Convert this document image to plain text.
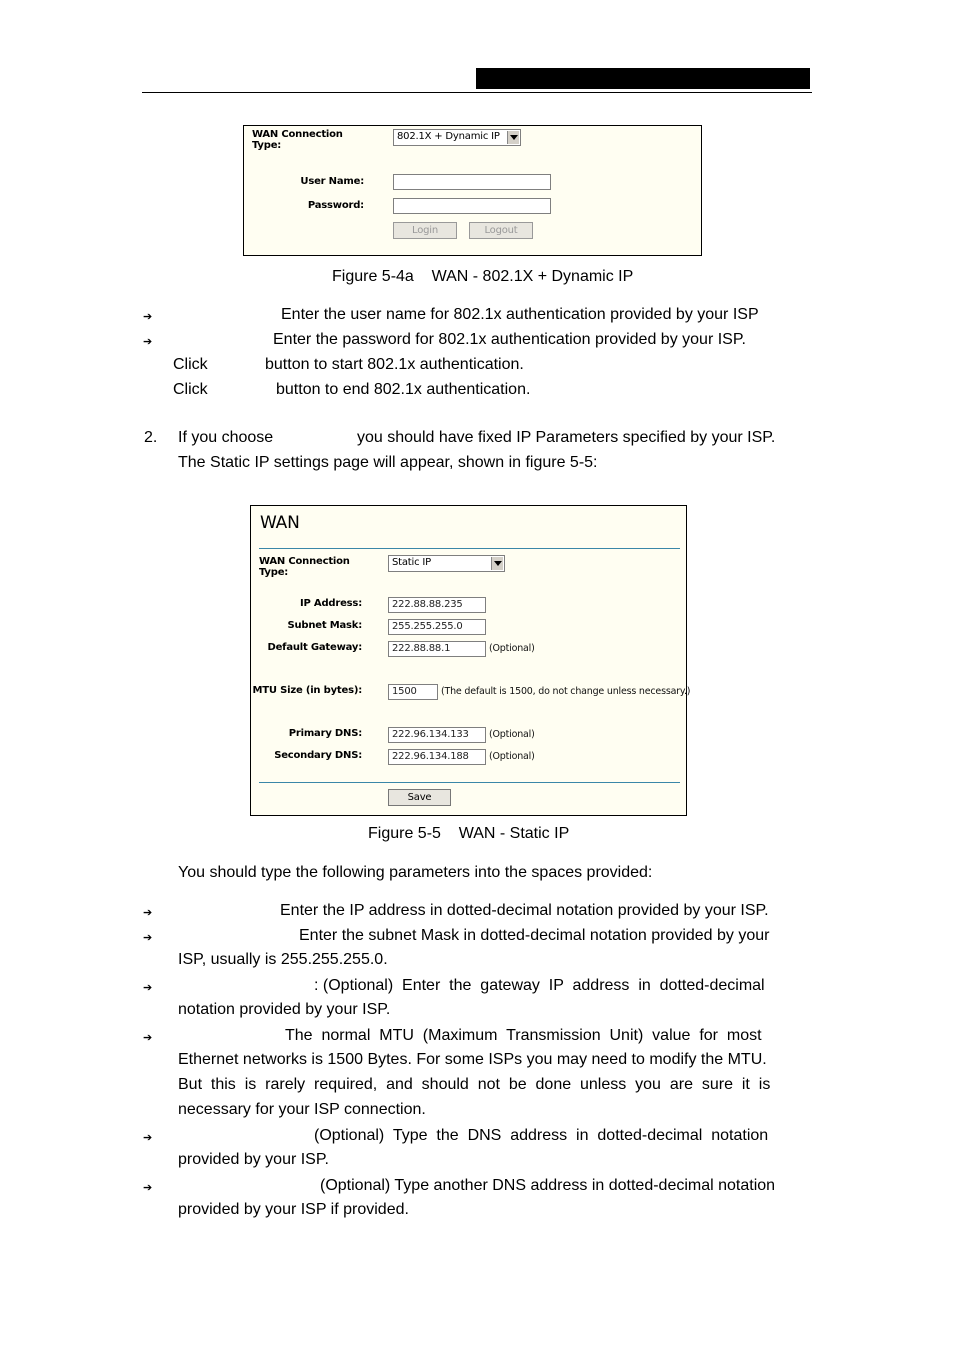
WAN Connection Type:
802.1X + Dynamic IP
User Name:
Password:
Login	Logout
Figure 5-4a    WAN - 802.1X + Dynamic IP
➔	Enter the user name for 802.1x authentication provided by your ISP
➔	Enter the password for 802.1x authentication provided by your ISP.
Click	button to start 802.1x authentication.
Click	button to end 802.1x authentication.
2. If you choose	you should have fixed IP Parameters specified by your ISP.
The Static IP settings page will appear, shown in figure 5-5:
WAN
WAN Connection Type:
Static IP
IP Address:	222.88.88.235
Subnet Mask:	255.255.255.0
Default Gateway:	222.88.88.1	(Optional)
MTU Size (in bytes):	1500	(The default is 1500, do not change unless necessary.)
Primary DNS:	222.96.134.133	(Optional)
Secondary DNS:	222.96.134.188	(Optional)
Save
Figure 5-5    WAN - Static IP
You should type the following parameters into the spaces provided:
➔	Enter the IP address in dotted-decimal notation provided by your ISP.
➔	Enter the subnet Mask in dotted-decimal notation provided by your
ISP, usually is 255.255.255.0.
➔	: (Optional)  Enter  the  gateway  IP  address  in  dotted-decimal
notation provided by your ISP.
➔	The  normal  MTU  (Maximum  Transmission  Unit)  value  for  most
Ethernet networks is 1500 Bytes. For some ISPs you may need to modify the MTU.
But  this  is  rarely  required,  and  should  not  be  done  unless  you  are  sure  it  is
necessary for your ISP connection.
➔	(Optional)  Type  the  DNS  address  in  dotted-decimal  notation
provided by your ISP.
➔	(Optional) Type another DNS address in dotted-decimal notation
provided by your ISP if provided.
